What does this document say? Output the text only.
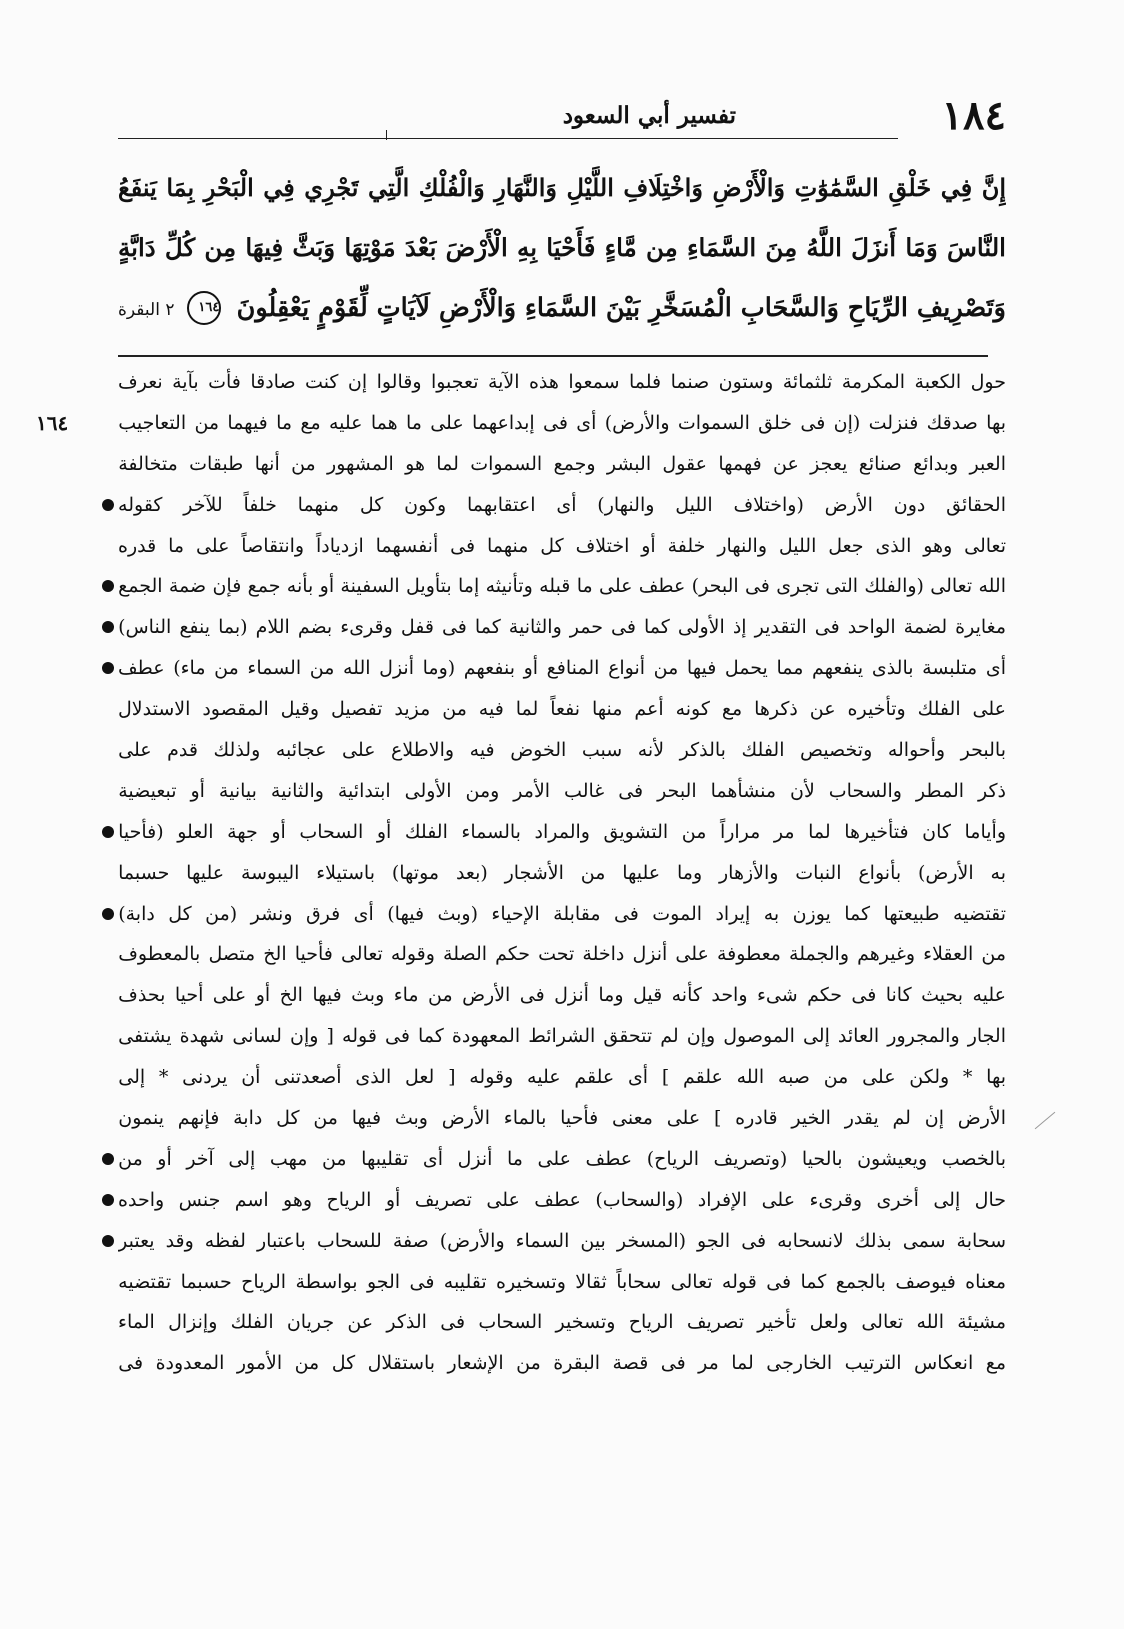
١٨٤
تفسير أبي السعود
إِنَّ فِي خَلْقِ السَّمَٰوَٰتِ وَالْأَرْضِ وَاخْتِلَافِ اللَّيْلِ وَالنَّهَارِ وَالْفُلْكِ الَّتِي تَجْرِي فِي الْبَحْرِ بِمَا يَنفَعُ
النَّاسَ وَمَا أَنزَلَ اللَّهُ مِنَ السَّمَاءِ مِن مَّاءٍ فَأَحْيَا بِهِ الْأَرْضَ بَعْدَ مَوْتِهَا وَبَثَّ فِيهَا مِن كُلِّ دَابَّةٍ
وَتَصْرِيفِ الرِّيَاحِ وَالسَّحَابِ الْمُسَخَّرِ بَيْنَ السَّمَاءِ وَالْأَرْضِ لَآيَاتٍ لِّقَوْمٍ يَعْقِلُونَ
١٦٤ ٢ البقرة
حول
الكعبة
المكرمة
ثلثمائة
وستون
صنما
فلما
سمعوا
هذه
الآية
تعجبوا
وقالوا
إن
كنت
صادقا
فأت
بآية
نعرف
١٦٤	بها
صدقك
فنزلت
(إن
فى
خلق
السموات
والأرض)
أى
فى
إبداعهما
على
ما
هما
عليه
مع
ما
فيهما
من
التعاجيب
العبر
وبدائع
صنائع
يعجز
عن
فهمها
عقول
البشر
وجمع
السموات
لما
هو
المشهور
من
أنها
طبقات
متخالفة
الحقائق
دون
الأرض
(واختلاف
الليل
والنهار)
أى
اعتقابهما
وكون
كل
منهما
خلفاً
للآخر
كقوله
تعالى
وهو
الذى
جعل
الليل
والنهار
خلفة
أو
اختلاف
كل
منهما
فى
أنفسهما
ازدياداً
وانتقاصاً
على
ما
قدره
الله
تعالى
(والفلك
التى
تجرى
فى
البحر)
عطف
على
ما
قبله
وتأنيثه
إما
بتأويل
السفينة
أو
بأنه
جمع
فإن
ضمة
الجمع
مغايرة
لضمة
الواحد
فى
التقدير
إذ
الأولى
كما
فى
حمر
والثانية
كما
فى
قفل
وقرىء
بضم
اللام
(بما
ينفع
الناس)
أى
متلبسة
بالذى
ينفعهم
مما
يحمل
فيها
من
أنواع
المنافع
أو
بنفعهم
(وما
أنزل
الله
من
السماء
من
ماء)
عطف
على
الفلك
وتأخيره
عن
ذكرها
مع
كونه
أعم
منها
نفعاً
لما
فيه
من
مزيد
تفصيل
وقيل
المقصود
الاستدلال
بالبحر
وأحواله
وتخصيص
الفلك
بالذكر
لأنه
سبب
الخوض
فيه
والاطلاع
على
عجائبه
ولذلك
قدم
على
ذكر
المطر
والسحاب
لأن
منشأهما
البحر
فى
غالب
الأمر
ومن
الأولى
ابتدائية
والثانية
بيانية
أو
تبعيضية
وأياما
كان
فتأخيرها
لما
مر
مراراً
من
التشويق
والمراد
بالسماء
الفلك
أو
السحاب
أو
جهة
العلو
(فأحيا
به
الأرض)
بأنواع
النبات
والأزهار
وما
عليها
من
الأشجار
(بعد
موتها)
باستيلاء
اليبوسة
عليها
حسبما
تقتضيه
طبيعتها
كما
يوزن
به
إيراد
الموت
فى
مقابلة
الإحياء
(وبث
فيها)
أى
فرق
ونشر
(من
كل
دابة)
من
العقلاء
وغيرهم
والجملة
معطوفة
على
أنزل
داخلة
تحت
حكم
الصلة
وقوله
تعالى
فأحيا
الخ
متصل
بالمعطوف
عليه
بحيث
كانا
فى
حكم
شىء
واحد
كأنه
قيل
وما
أنزل
فى
الأرض
من
ماء
وبث
فيها
الخ
أو
على
أحيا
بحذف
الجار
والمجرور
العائد
إلى
الموصول
وإن
لم
تتحقق
الشرائط
المعهودة
كما
فى
قوله
[
وإن
لسانى
شهدة
يشتفى
بها
*
ولكن
على
من
صبه
الله
علقم
]
أى
علقم
عليه
وقوله
[
لعل
الذى
أصعدتنى
أن
يردنى
*
إلى
الأرض
إن
لم
يقدر
الخير
قادره
]
على
معنى
فأحيا
بالماء
الأرض
وبث
فيها
من
كل
دابة
فإنهم
ينمون
بالخصب
ويعيشون
بالحيا
(وتصريف
الرياح)
عطف
على
ما
أنزل
أى
تقليبها
من
مهب
إلى
آخر
أو
من
حال
إلى
أخرى
وقرىء
على
الإفراد
(والسحاب)
عطف
على
تصريف
أو
الرياح
وهو
اسم
جنس
واحده
سحابة
سمى
بذلك
لانسحابه
فى
الجو
(المسخر
بين
السماء
والأرض)
صفة
للسحاب
باعتبار
لفظه
وقد
يعتبر
معناه
فيوصف
بالجمع
كما
فى
قوله
تعالى
سحاباً
ثقالا
وتسخيره
تقليبه
فى
الجو
بواسطة
الرياح
حسبما
تقتضيه
مشيئة
الله
تعالى
ولعل
تأخير
تصريف
الرياح
وتسخير
السحاب
فى
الذكر
عن
جريان
الفلك
وإنزال
الماء
مع
انعكاس
الترتيب
الخارجى
لما
مر
فى
قصة
البقرة
من
الإشعار
باستقلال
كل
من
الأمور
المعدودة
فى
